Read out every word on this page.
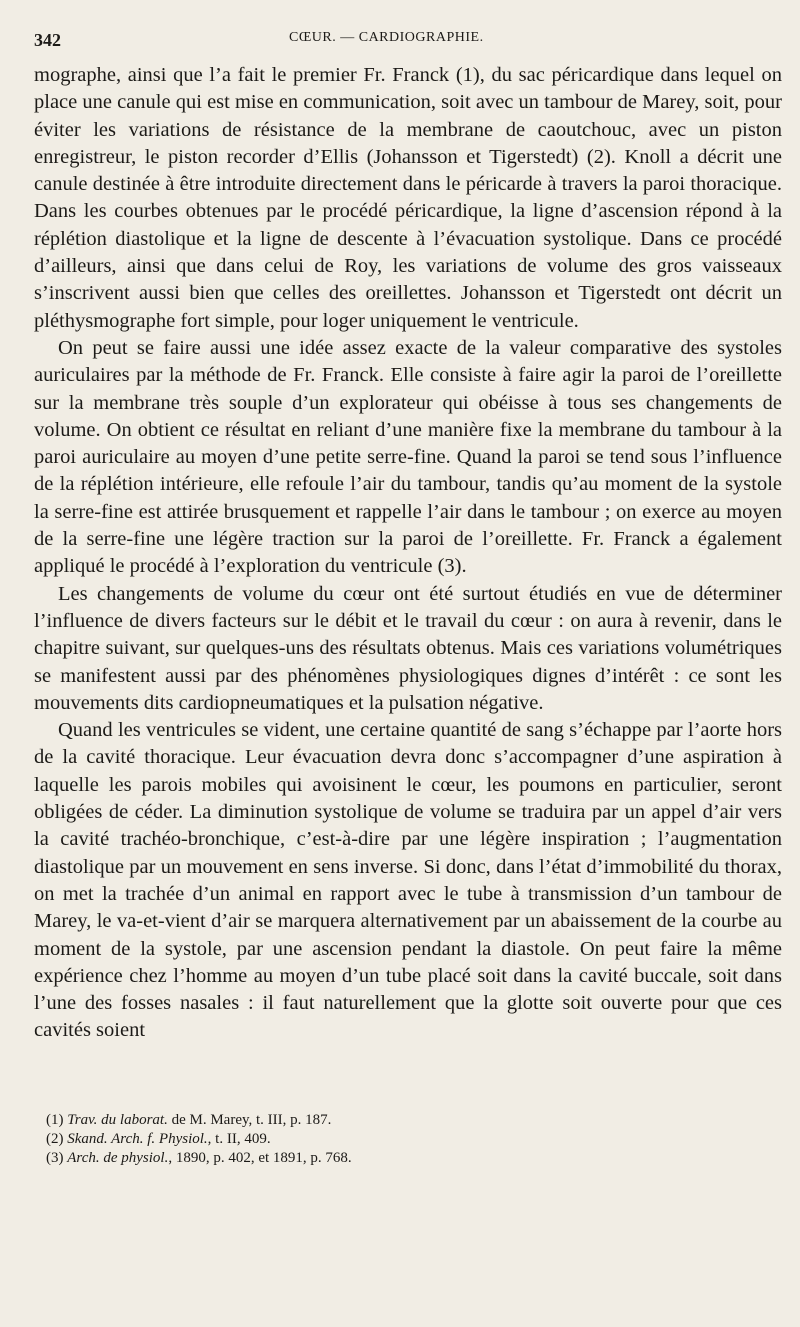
342	CŒUR. — CARDIOGRAPHIE.

mographe, ainsi que l’a fait le premier Fr. Franck (1), du sac péricardique dans lequel on place une canule qui est mise en communication, soit avec un tambour de Marey, soit, pour éviter les variations de résistance de la membrane de caoutchouc, avec un piston enregistreur, le piston recorder d’Ellis (Johansson et Tigerstedt) (2). Knoll a décrit une canule destinée à être introduite directement dans le péricarde à travers la paroi thoracique. Dans les courbes obtenues par le procédé péricardique, la ligne d’ascension répond à la réplétion diastolique et la ligne de descente à l’évacuation systolique. Dans ce procédé d’ailleurs, ainsi que dans celui de Roy, les variations de volume des gros vaisseaux s’inscrivent aussi bien que celles des oreillettes. Johansson et Tigerstedt ont décrit un pléthysmographe fort simple, pour loger uniquement le ventricule.

On peut se faire aussi une idée assez exacte de la valeur comparative des systoles auriculaires par la méthode de Fr. Franck. Elle consiste à faire agir la paroi de l’oreillette sur la membrane très souple d’un explorateur qui obéisse à tous ses changements de volume. On obtient ce résultat en reliant d’une manière fixe la membrane du tambour à la paroi auriculaire au moyen d’une petite serre-fine. Quand la paroi se tend sous l’influence de la réplétion intérieure, elle refoule l’air du tambour, tandis qu’au moment de la systole la serre-fine est attirée brusquement et rappelle l’air dans le tambour ; on exerce au moyen de la serre-fine une légère traction sur la paroi de l’oreillette. Fr. Franck a également appliqué le procédé à l’exploration du ventricule (3).

Les changements de volume du cœur ont été surtout étudiés en vue de déterminer l’influence de divers facteurs sur le débit et le travail du cœur : on aura à revenir, dans le chapitre suivant, sur quelques-uns des résultats obtenus. Mais ces variations volumétriques se manifestent aussi par des phénomènes physiologiques dignes d’intérêt : ce sont les mouvements dits cardiopneumatiques et la pulsation négative.

Quand les ventricules se vident, une certaine quantité de sang s’échappe par l’aorte hors de la cavité thoracique. Leur évacuation devra donc s’accompagner d’une aspiration à laquelle les parois mobiles qui avoisinent le cœur, les poumons en particulier, seront obligées de céder. La diminution systolique de volume se traduira par un appel d’air vers la cavité trachéo-bronchique, c’est-à-dire par une légère inspiration ; l’augmentation diastolique par un mouvement en sens inverse. Si donc, dans l’état d’immobilité du thorax, on met la trachée d’un animal en rapport avec le tube à transmission d’un tambour de Marey, le va-et-vient d’air se marquera alternativement par un abaissement de la courbe au moment de la systole, par une ascension pendant la diastole. On peut faire la même expérience chez l’homme au moyen d’un tube placé soit dans la cavité buccale, soit dans l’une des fosses nasales : il faut naturellement que la glotte soit ouverte pour que ces cavités soient

(1) Trav. du laborat. de M. Marey, t. III, p. 187.

(2) Skand. Arch. f. Physiol., t. II, 409.

(3) Arch. de physiol., 1890, p. 402, et 1891, p. 768.
